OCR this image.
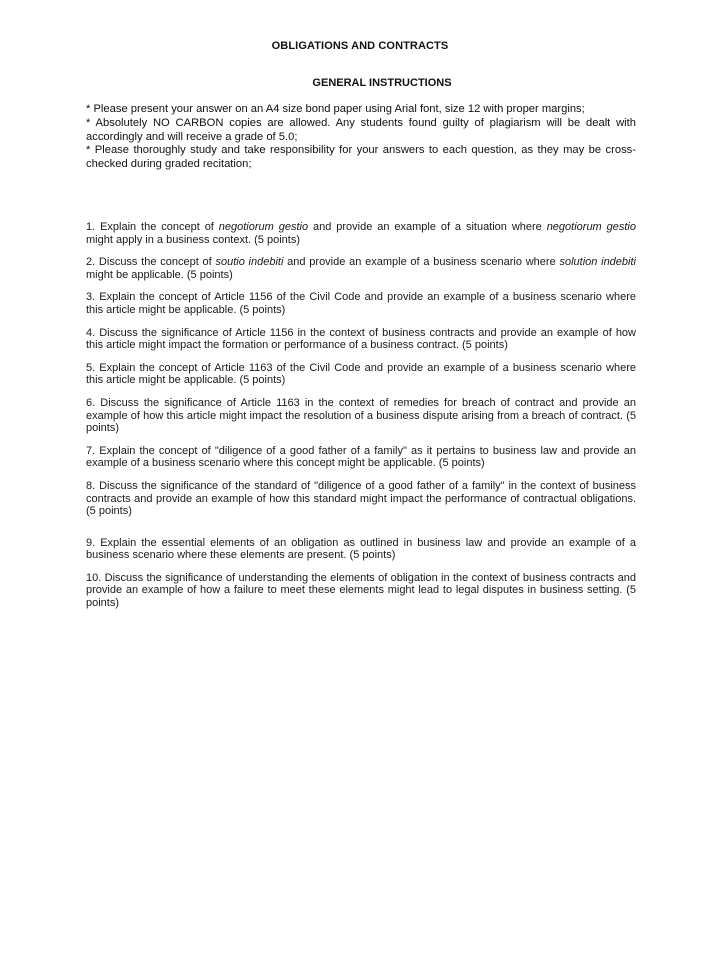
OBLIGATIONS AND CONTRACTS
GENERAL INSTRUCTIONS

* Please present your answer on an A4 size bond paper using Arial font, size 12 with proper margins;

* Absolutely NO CARBON copies are allowed. Any students found guilty of plagiarism will be dealt with accordingly and will receive a grade of 5.0;

* Please thoroughly study and take responsibility for your answers to each question, as they may be cross-checked during graded recitation;

1. Explain the concept of negotiorum gestio and provide an example of a situation where negotiorum gestio might apply in a business context. (5 points)
2. Discuss the concept of soutio indebiti and provide an example of a business scenario where solution indebiti might be applicable. (5 points)
3. Explain the concept of Article 1156 of the Civil Code and provide an example of a business scenario where this article might be applicable. (5 points)
4. Discuss the significance of Article 1156 in the context of business contracts and provide an example of how this article might impact the formation or performance of a business contract. (5 points)
5. Explain the concept of Article 1163 of the Civil Code and provide an example of a business scenario where this article might be applicable. (5 points)
6. Discuss the significance of Article 1163 in the context of remedies for breach of contract and provide an example of how this article might impact the resolution of a business dispute arising from a breach of contract. (5 points)
7. Explain the concept of "diligence of a good father of a family" as it pertains to business law and provide an example of a business scenario where this concept might be applicable. (5 points)
8. Discuss the significance of the standard of "diligence of a good father of a family" in the context of business contracts and provide an example of how this standard might impact the performance of contractual obligations. (5 points)
9. Explain the essential elements of an obligation as outlined in business law and provide an example of a business scenario where these elements are present. (5 points)
10. Discuss the significance of understanding the elements of obligation in the context of business contracts and provide an example of how a failure to meet these elements might lead to legal disputes in business setting. (5 points)
